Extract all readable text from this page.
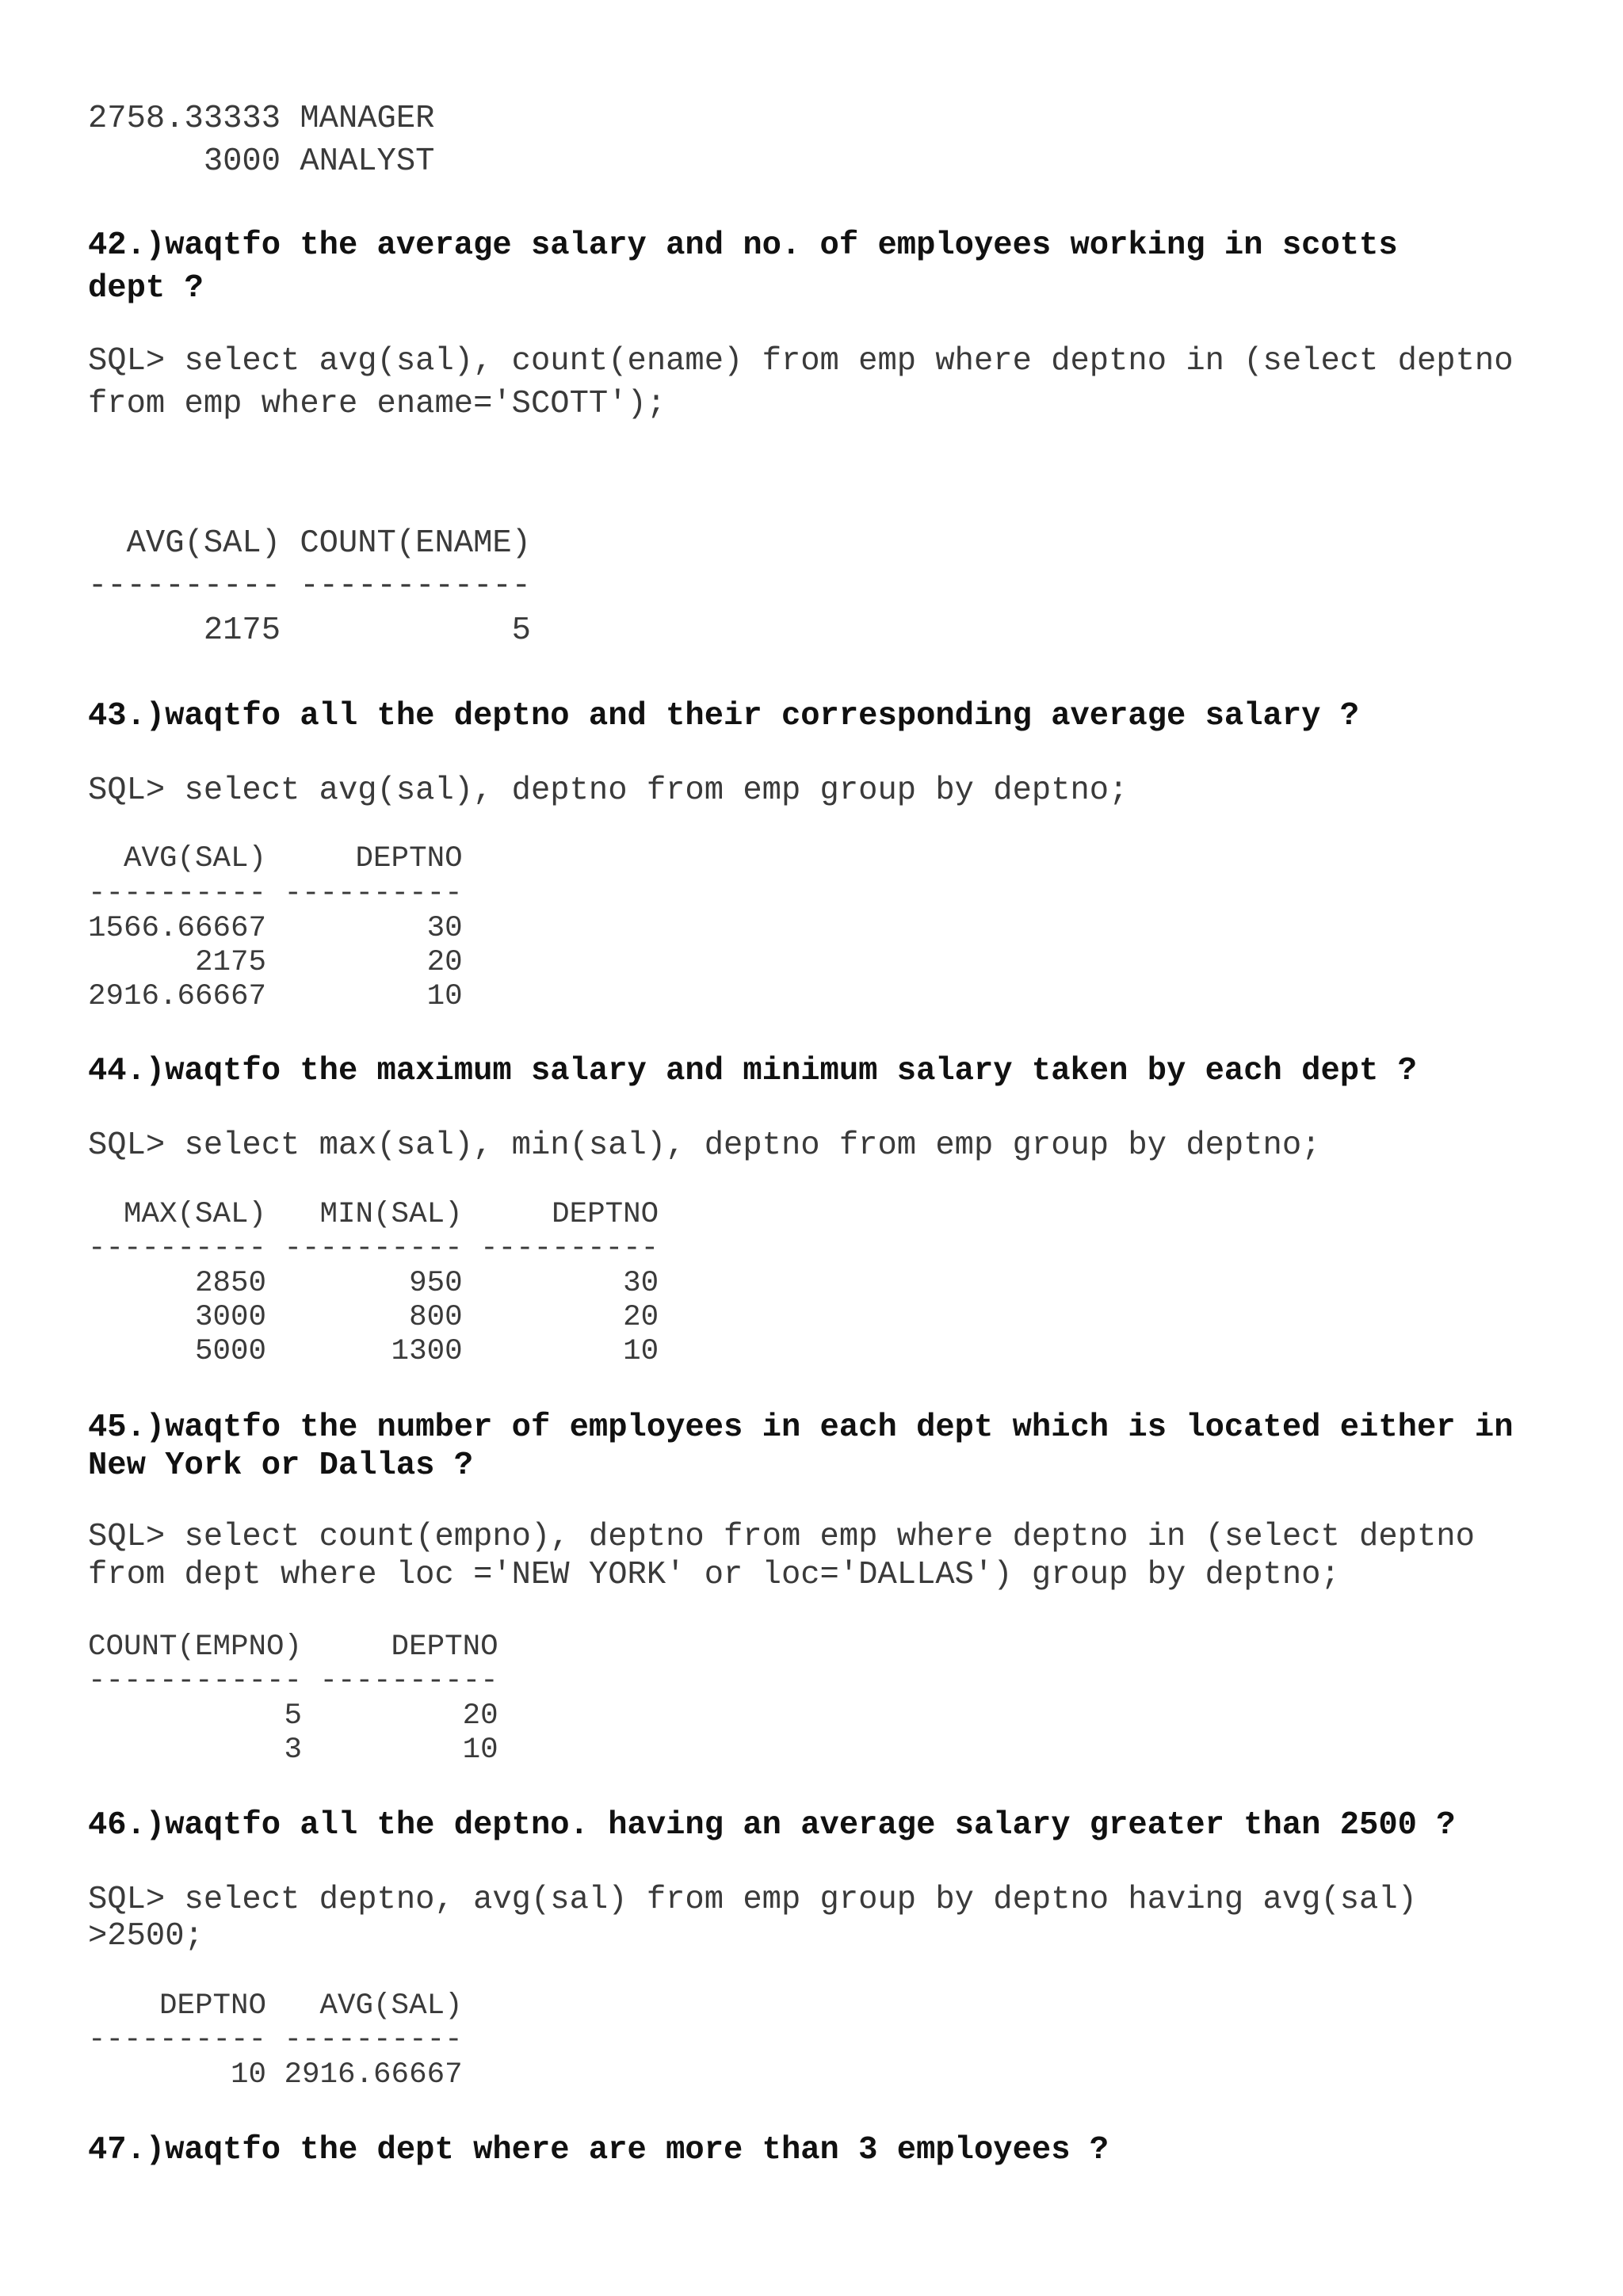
2758.33333 MANAGER
3000 ANALYST
42.)waqtfo the average salary and no. of employees working in scotts
dept ?
SQL> select avg(sal), count(ename) from emp where deptno in (select deptno
from emp where ename='SCOTT');
AVG(SAL) COUNT(ENAME)
---------- ------------
2175            5
43.)waqtfo all the deptno and their corresponding average salary ?
SQL> select avg(sal), deptno from emp group by deptno;
AVG(SAL)     DEPTNO
---------- ----------
1566.66667         30
2175         20
2916.66667         10
44.)waqtfo the maximum salary and minimum salary taken by each dept ?
SQL> select max(sal), min(sal), deptno from emp group by deptno;
MAX(SAL)   MIN(SAL)     DEPTNO
---------- ---------- ----------
2850        950         30
3000        800         20
5000       1300         10
45.)waqtfo the number of employees in each dept which is located either in
New York or Dallas ?
SQL> select count(empno), deptno from emp where deptno in (select deptno
from dept where loc ='NEW YORK' or loc='DALLAS') group by deptno;
COUNT(EMPNO)     DEPTNO
------------ ----------
5         20
3         10
46.)waqtfo all the deptno. having an average salary greater than 2500 ?
SQL> select deptno, avg(sal) from emp group by deptno having avg(sal)
>2500;
DEPTNO   AVG(SAL)
---------- ----------
10 2916.66667
47.)waqtfo the dept where are more than 3 employees ?
